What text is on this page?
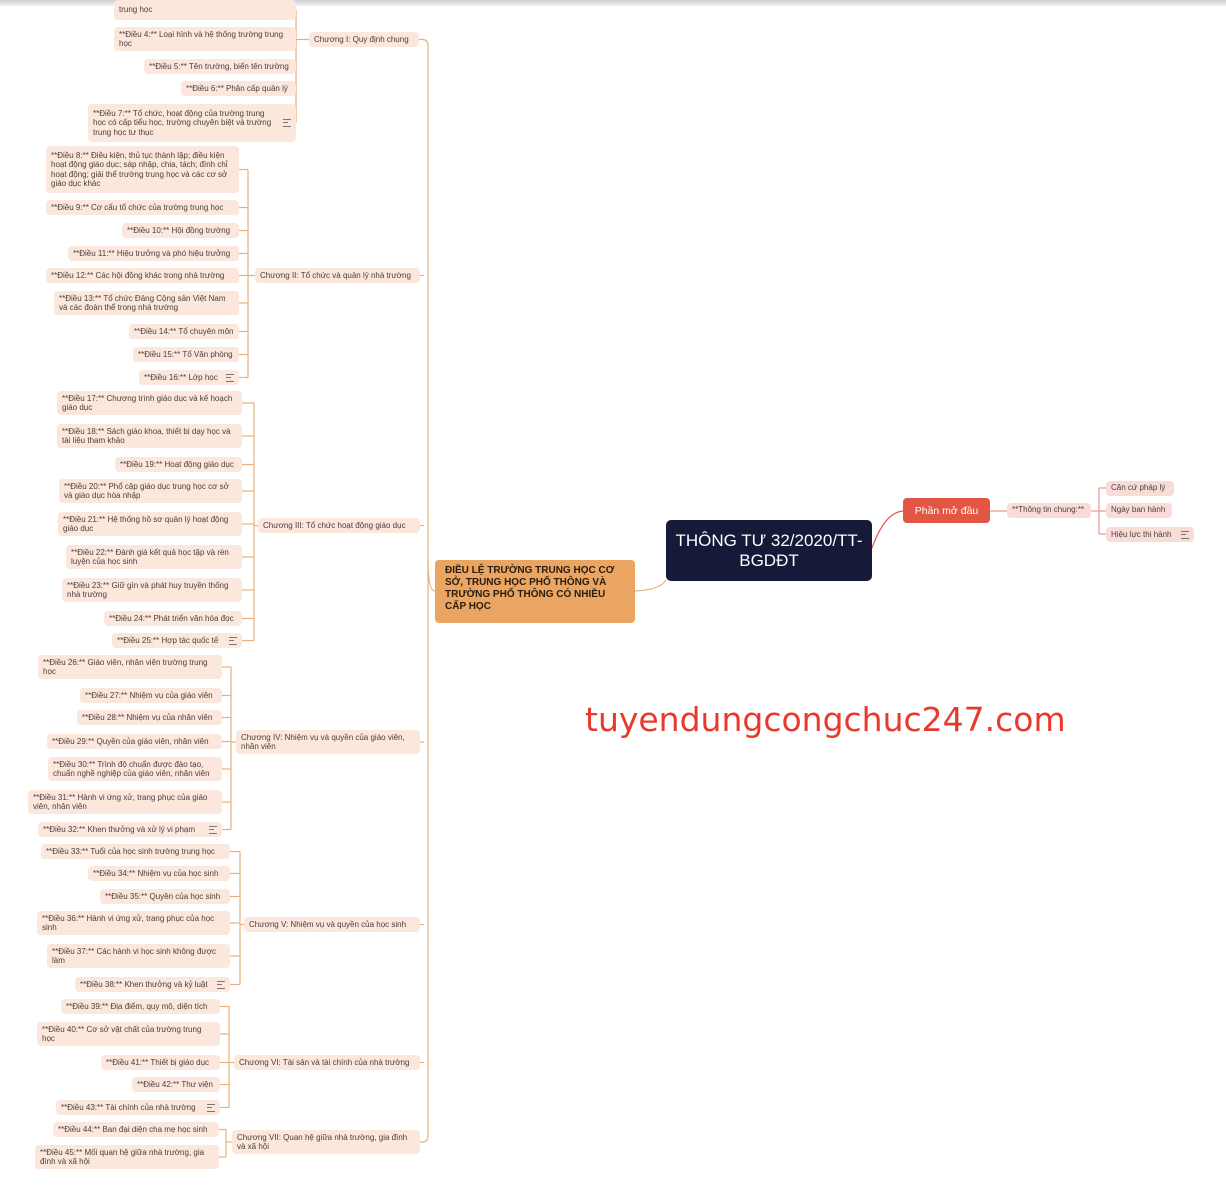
THÔNG TƯ 32/2020/TT-BGDĐT
ĐIỀU LỆ TRƯỜNG TRUNG HỌC CƠ SỞ, TRUNG HỌC PHỔ THÔNG VÀ TRƯỜNG PHỔ THÔNG CÓ NHIỀU CẤP HỌC
Phần mở đầu	**Thông tin chung:**
Căn cứ pháp lý
Ngày ban hành
Hiệu lực thi hành
tuyendungcongchuc247.com
Chương I: Quy định chung
trung học
**Điều 4:** Loại hình và hệ thống trường trung học
**Điều 5:** Tên trường, biển tên trường
**Điều 6:** Phân cấp quản lý
**Điều 7:** Tổ chức, hoạt động của trường trung học có cấp tiểu học, trường chuyên biệt và trường trung học tư thục
Chương II: Tổ chức và quản lý nhà trường
**Điều 8:** Điều kiện, thủ tục thành lập; điều kiện hoạt động giáo dục; sáp nhập, chia, tách; đình chỉ hoạt động; giải thể trường trung học và các cơ sở giáo dục khác
**Điều 9:** Cơ cấu tổ chức của trường trung học
**Điều 10:** Hội đồng trường
**Điều 11:** Hiệu trưởng và phó hiệu trưởng
**Điều 12:** Các hội đồng khác trong nhà trường
**Điều 13:** Tổ chức Đảng Cộng sản Việt Nam và các đoàn thể trong nhà trường
**Điều 14:** Tổ chuyên môn
**Điều 15:** Tổ Văn phòng
**Điều 16:** Lớp học
Chương III: Tổ chức hoạt động giáo dục
**Điều 17:** Chương trình giáo dục và kế hoạch giáo dục
**Điều 18:** Sách giáo khoa, thiết bị dạy học và tài liệu tham khảo
**Điều 19:** Hoạt động giáo dục
**Điều 20:** Phổ cập giáo dục trung học cơ sở và giáo dục hòa nhập
**Điều 21:** Hệ thống hồ sơ quản lý hoạt động giáo dục
**Điều 22:** Đánh giá kết quả học tập và rèn luyện của học sinh
**Điều 23:** Giữ gìn và phát huy truyền thống nhà trường
**Điều 24:** Phát triển văn hóa đọc
**Điều 25:** Hợp tác quốc tế
Chương IV: Nhiệm vụ và quyền của giáo viên, nhân viên
**Điều 26:** Giáo viên, nhân viên trường trung học
**Điều 27:** Nhiệm vụ của giáo viên
**Điều 28:** Nhiệm vụ của nhân viên
**Điều 29:** Quyền của giáo viên, nhân viên
**Điều 30:** Trình độ chuẩn được đào tạo, chuẩn nghề nghiệp của giáo viên, nhân viên
**Điều 31:** Hành vi ứng xử, trang phục của giáo viên, nhân viên
**Điều 32:** Khen thưởng và xử lý vi phạm
Chương V: Nhiệm vụ và quyền của học sinh
**Điều 33:** Tuổi của học sinh trường trung học
**Điều 34:** Nhiệm vụ của học sinh
**Điều 35:** Quyền của học sinh
**Điều 36:** Hành vi ứng xử, trang phục của học sinh
**Điều 37:** Các hành vi học sinh không được làm
**Điều 38:** Khen thưởng và kỷ luật
Chương VI: Tài sản và tài chính của nhà trường
**Điều 39:** Địa điểm, quy mô, diện tích
**Điều 40:** Cơ sở vật chất của trường trung học
**Điều 41:** Thiết bị giáo dục
**Điều 42:** Thư viện
**Điều 43:** Tài chính của nhà trường
Chương VII: Quan hệ giữa nhà trường, gia đình và xã hội
**Điều 44:** Ban đại diện cha mẹ học sinh
**Điều 45:** Mối quan hệ giữa nhà trường, gia đình và xã hội
